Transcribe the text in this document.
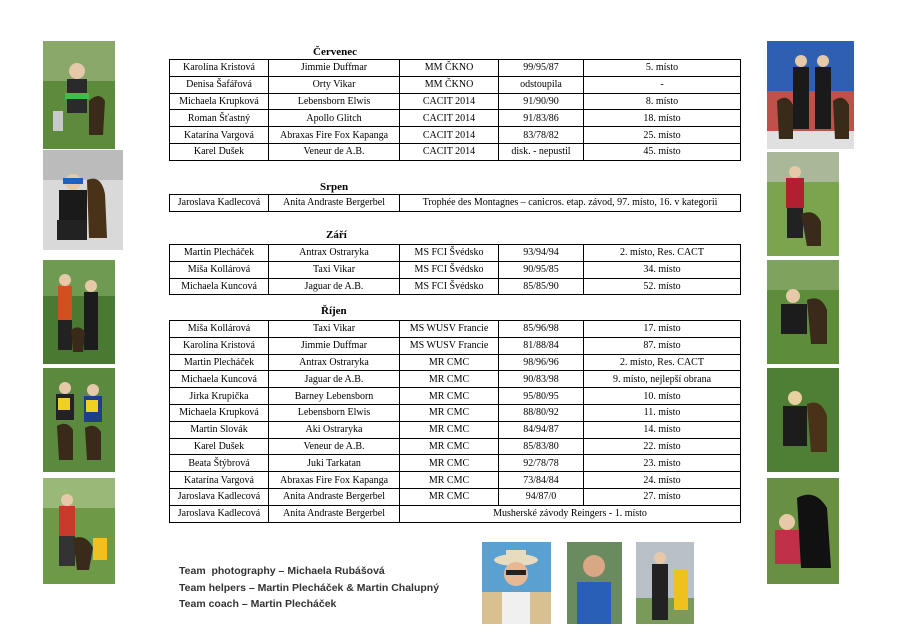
Červenec
Karolína Kristová	Jimmie Duffmar	MM ČKNO	99/95/87	5. místo
Denisa Šafářová	Orty Vikar	MM ČKNO	odstoupila	-
Michaela Krupková	Lebensborn Elwis	CACIT 2014	91/90/90	8. místo
Roman Šťastný	Apollo Glitch	CACIT 2014	91/83/86	18. místo
Katarína Vargová	Abraxas Fire Fox Kapanga	CACIT 2014	83/78/82	25. místo
Karel Dušek	Veneur de A.B.	CACIT 2014	disk. - nepustil	45. místo
Srpen
Jaroslava Kadlecová	Anita Andraste Bergerbel	Trophée des Montagnes – canicros. etap. závod, 97. místo, 16. v kategorii
Září
Martin Plecháček	Antrax Ostraryka	MS FCI Švédsko	93/94/94	2. místo, Res. CACT
Míša Kollárová	Taxi Vikar	MS FCI Švédsko	90/95/85	34. místo
Michaela Kuncová	Jaguar de A.B.	MS FCI Švédsko	85/85/90	52. místo
Říjen
Míša Kollárová	Taxi Vikar	MS WUSV Francie	85/96/98	17. místo
Karolína Kristová	Jimmie Duffmar	MS WUSV Francie	81/88/84	87. místo
Martin Plecháček	Antrax Ostraryka	MR CMC	98/96/96	2. místo, Res. CACT
Michaela Kuncová	Jaguar de A.B.	MR CMC	90/83/98	9. místo, nejlepší obrana
Jirka Krupička	Barney Lebensborn	MR CMC	95/80/95	10. místo
Michaela Krupková	Lebensborn Elwis	MR CMC	88/80/92	11. místo
Martin Slovák	Aki Ostraryka	MR CMC	84/94/87	14. místo
Karel Dušek	Veneur de A.B.	MR CMC	85/83/80	22. místo
Beata Štýbrová	Juki Tarkatan	MR CMC	92/78/78	23. místo
Katarína Vargová	Abraxas Fire Fox Kapanga	MR CMC	73/84/84	24. místo
Jaroslava Kadlecová	Anita Andraste Bergerbel	MR CMC	94/87/0	27. místo
Jaroslava Kadlecová	Anita Andraste Bergerbel	Musherské závody Reingers - 1. místo		
Team  photography – Michaela Rubášová
Team helpers – Martin Plecháček & Martin Chalupný
Team coach – Martin Plecháček
